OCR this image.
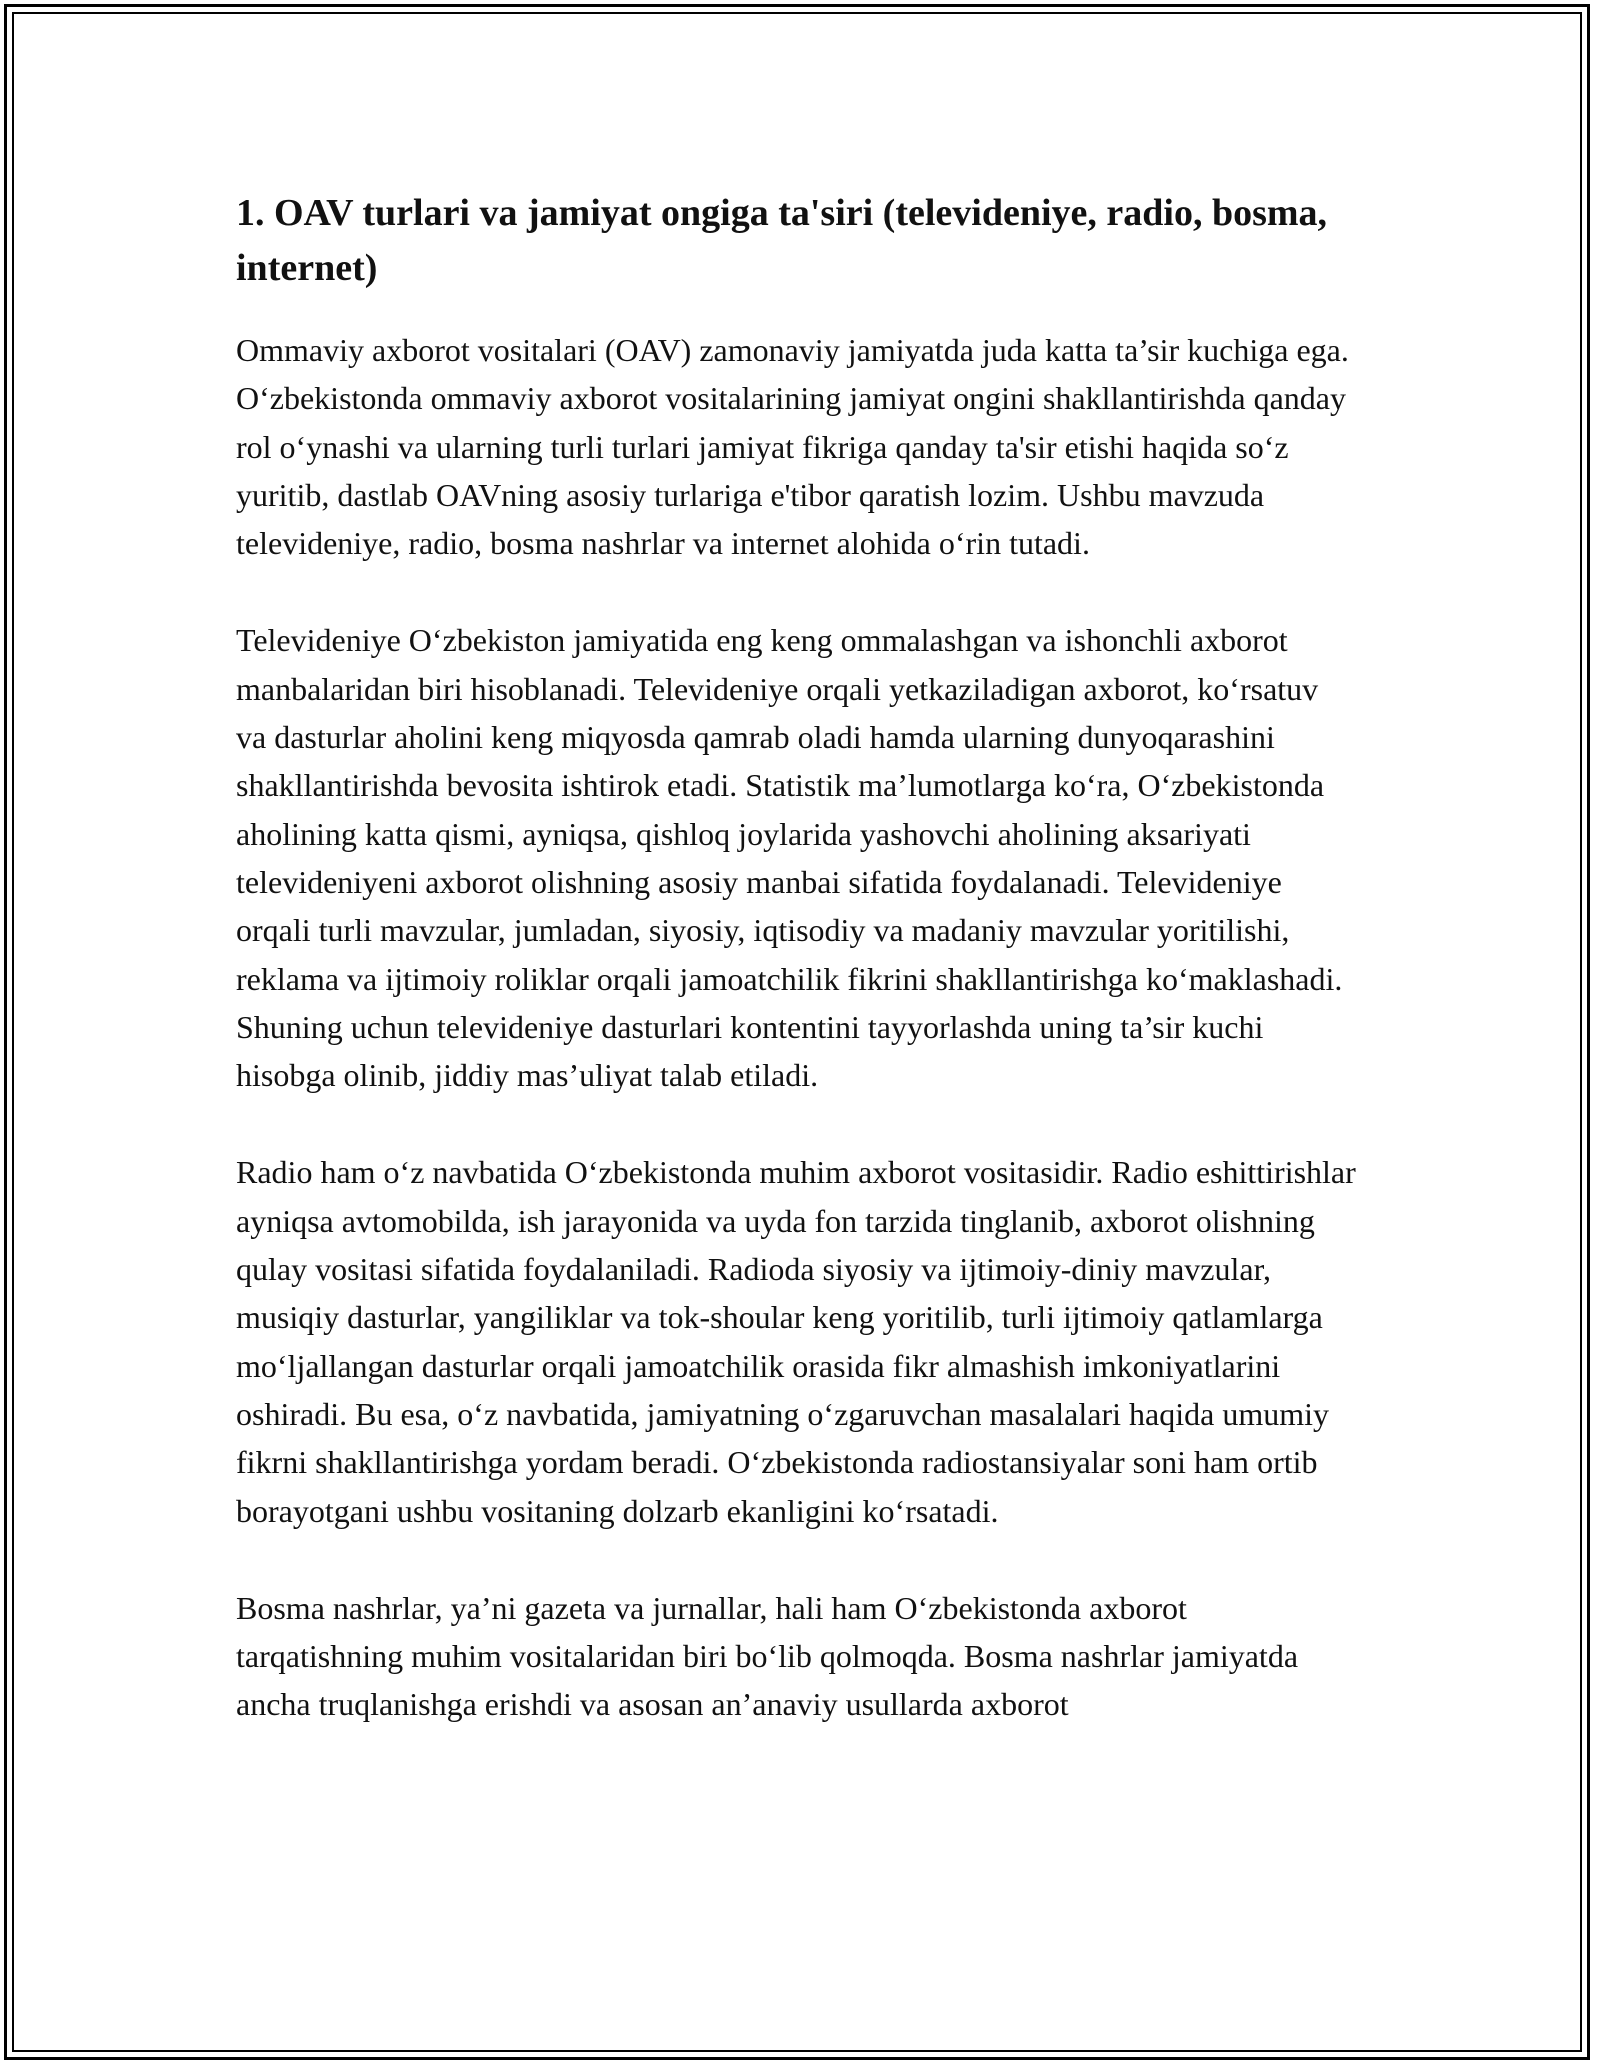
1. OAV turlari va jamiyat ongiga ta'siri (televideniye, radio, bosma, internet)

Ommaviy axborot vositalari (OAV) zamonaviy jamiyatda juda katta ta’sir kuchiga ega. O‘zbekistonda ommaviy axborot vositalarining jamiyat ongini shakllantirishda qanday rol o‘ynashi va ularning turli turlari jamiyat fikriga qanday ta'sir etishi haqida so‘z yuritib, dastlab OAVning asosiy turlariga e'tibor qaratish lozim. Ushbu mavzuda televideniye, radio, bosma nashrlar va internet alohida o‘rin tutadi.

Televideniye O‘zbekiston jamiyatida eng keng ommalashgan va ishonchli axborot manbalaridan biri hisoblanadi. Televideniye orqali yetkaziladigan axborot, ko‘rsatuv va dasturlar aholini keng miqyosda qamrab oladi hamda ularning dunyoqarashini shakllantirishda bevosita ishtirok etadi. Statistik ma’lumotlarga ko‘ra, O‘zbekistonda aholining katta qismi, ayniqsa, qishloq joylarida yashovchi aholining aksariyati televideniyeni axborot olishning asosiy manbai sifatida foydalanadi. Televideniye orqali turli mavzular, jumladan, siyosiy, iqtisodiy va madaniy mavzular yoritilishi, reklama va ijtimoiy roliklar orqali jamoatchilik fikrini shakllantirishga ko‘maklashadi. Shuning uchun televideniye dasturlari kontentini tayyorlashda uning ta’sir kuchi hisobga olinib, jiddiy mas’uliyat talab etiladi.

Radio ham o‘z navbatida O‘zbekistonda muhim axborot vositasidir. Radio eshittirishlar ayniqsa avtomobilda, ish jarayonida va uyda fon tarzida tinglanib, axborot olishning qulay vositasi sifatida foydalaniladi. Radioda siyosiy va ijtimoiy-diniy mavzular, musiqiy dasturlar, yangiliklar va tok-shoular keng yoritilib, turli ijtimoiy qatlamlarga mo‘ljallangan dasturlar orqali jamoatchilik orasida fikr almashish imkoniyatlarini oshiradi. Bu esa, o‘z navbatida, jamiyatning o‘zgaruvchan masalalari haqida umumiy fikrni shakllantirishga yordam beradi. O‘zbekistonda radiostansiyalar soni ham ortib borayotgani ushbu vositaning dolzarb ekanligini ko‘rsatadi.

Bosma nashrlar, ya’ni gazeta va jurnallar, hali ham O‘zbekistonda axborot tarqatishning muhim vositalaridan biri bo‘lib qolmoqda. Bosma nashrlar jamiyatda ancha truqlanishga erishdi va asosan an’anaviy usullarda axborot
